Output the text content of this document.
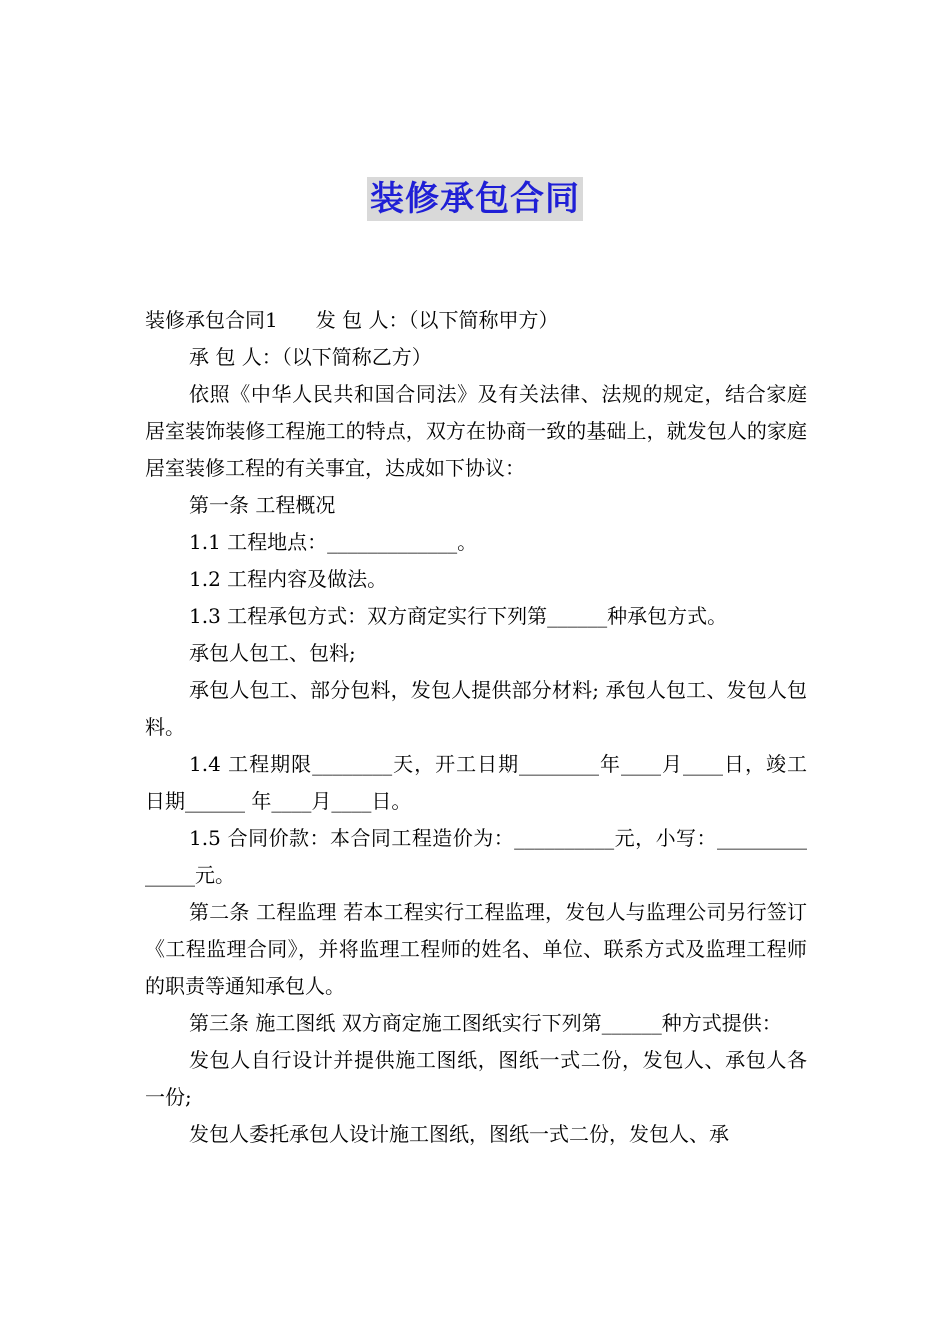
装修承包合同

装修承包合同1 发 包 人：（以下简称甲方）

承 包 人：（以下简称乙方）

依照《中华人民共和国合同法》及有关法律、法规的规定，结合家庭居室装饰装修工程施工的特点，双方在协商一致的基础上，就发包人的家庭居室装修工程的有关事宜，达成如下协议：

第一条 工程概况

1.1 工程地点：_____________。

1.2 工程内容及做法。

1.3 工程承包方式：双方商定实行下列第______种承包方式。

承包人包工、包料;

承包人包工、部分包料，发包人提供部分材料; 承包人包工、发包人包料。

1.4 工程期限________天，开工日期________年____月____日，竣工日期______ 年____月____日。

1.5 合同价款：本合同工程造价为：__________元，小写：______________元。

第二条 工程监理 若本工程实行工程监理，发包人与监理公司另行签订《工程监理合同》，并将监理工程师的姓名、单位、联系方式及监理工程师的职责等通知承包人。

第三条 施工图纸 双方商定施工图纸实行下列第______种方式提供：

发包人自行设计并提供施工图纸，图纸一式二份，发包人、承包人各一份;

发包人委托承包人设计施工图纸，图纸一式二份，发包人、承
